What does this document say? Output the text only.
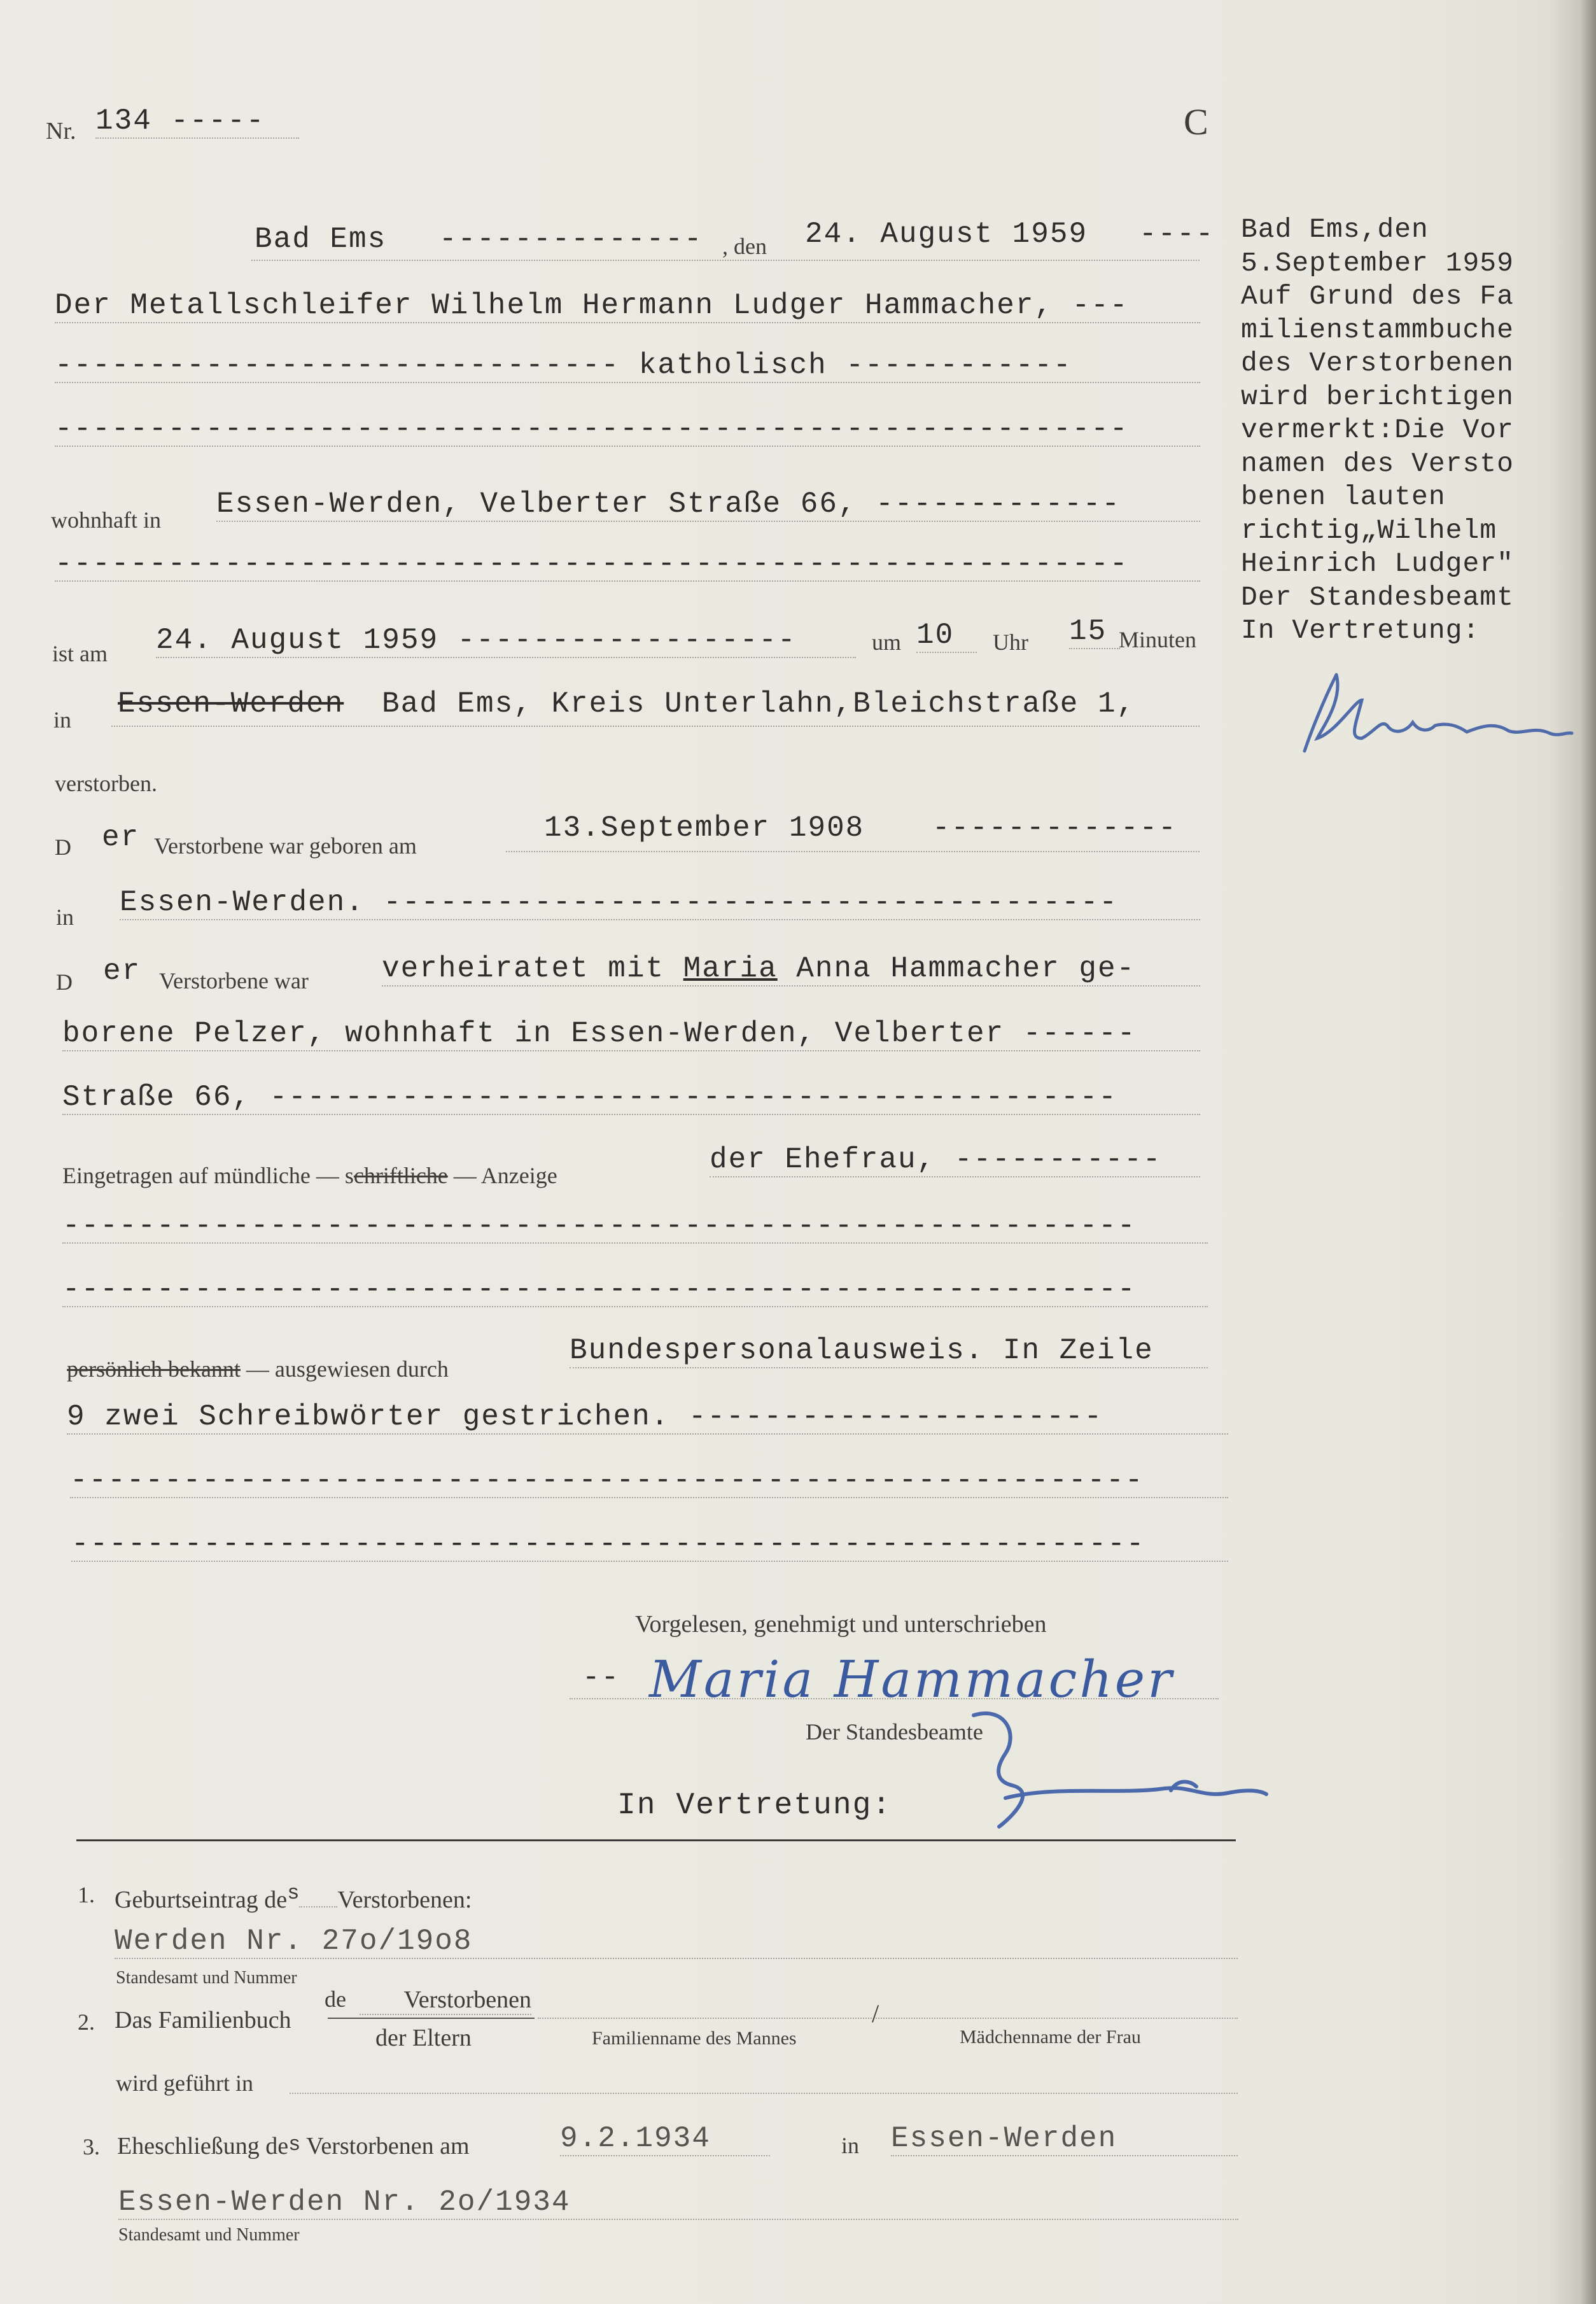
Nr. 134 -----	C
Bad Ems -------------- , den 24. August 1959 ----
Der Metallschleifer Wilhelm Hermann Ludger Hammacher, ---
------------------------------ katholisch ------------
---------------------------------------------------------
wohnhaft in Essen-Werden, Velberter Straße 66, -------------
---------------------------------------------------------
ist am 24. August 1959 ------------------	um 10	Uhr 15 Minuten
in Essen-Werden Bad Ems, Kreis Unterlahn,Bleichstraße 1,
verstorben.
D er Verstorbene war geboren am
13.September 1908 -------------
in Essen-Werden. ---------------------------------------
D er Verstorbene war	verheiratet mit Maria Anna Hammacher ge-
borene Pelzer, wohnhaft in Essen-Werden, Velberter ------
Straße 66, ---------------------------------------------
Eingetragen auf mündliche — schriftliche — Anzeige	der Ehefrau, -----------
---------------------------------------------------------
---------------------------------------------------------
persönlich bekannt — ausgewiesen durch
Bundespersonalausweis. In Zeile
9 zwei Schreibwörter gestrichen. ----------------------
---------------------------------------------------------
---------------------------------------------------------
Vorgelesen, genehmigt und unterschrieben
-- Maria Hammacher
Der Standesbeamte
In Vertretung:
1. Geburtseintrag $de^s$ Verstorbenen:
Werden Nr. 27o/19o8
Standesamt und Nummer
2. Das Familienbuch
de	Verstorbenen
der Eltern
/
Familienname des Mannes	Mädchenname der Frau
wird geführt in
3. Eheschließung des Verstorbenen am	9.2.1934	in Essen-Werden
Essen-Werden Nr. 2o/1934
Standesamt und Nummer
Bad Ems,den
5.September 1959
Auf Grund des Fa
milienstammbuche
des Verstorbenen
wird berichtigen
vermerkt:Die Vor
namen des Versto
benen lauten
richtig„Wilhelm
Heinrich Ludger"
Der Standesbeamt
In Vertretung:
Kürsin
